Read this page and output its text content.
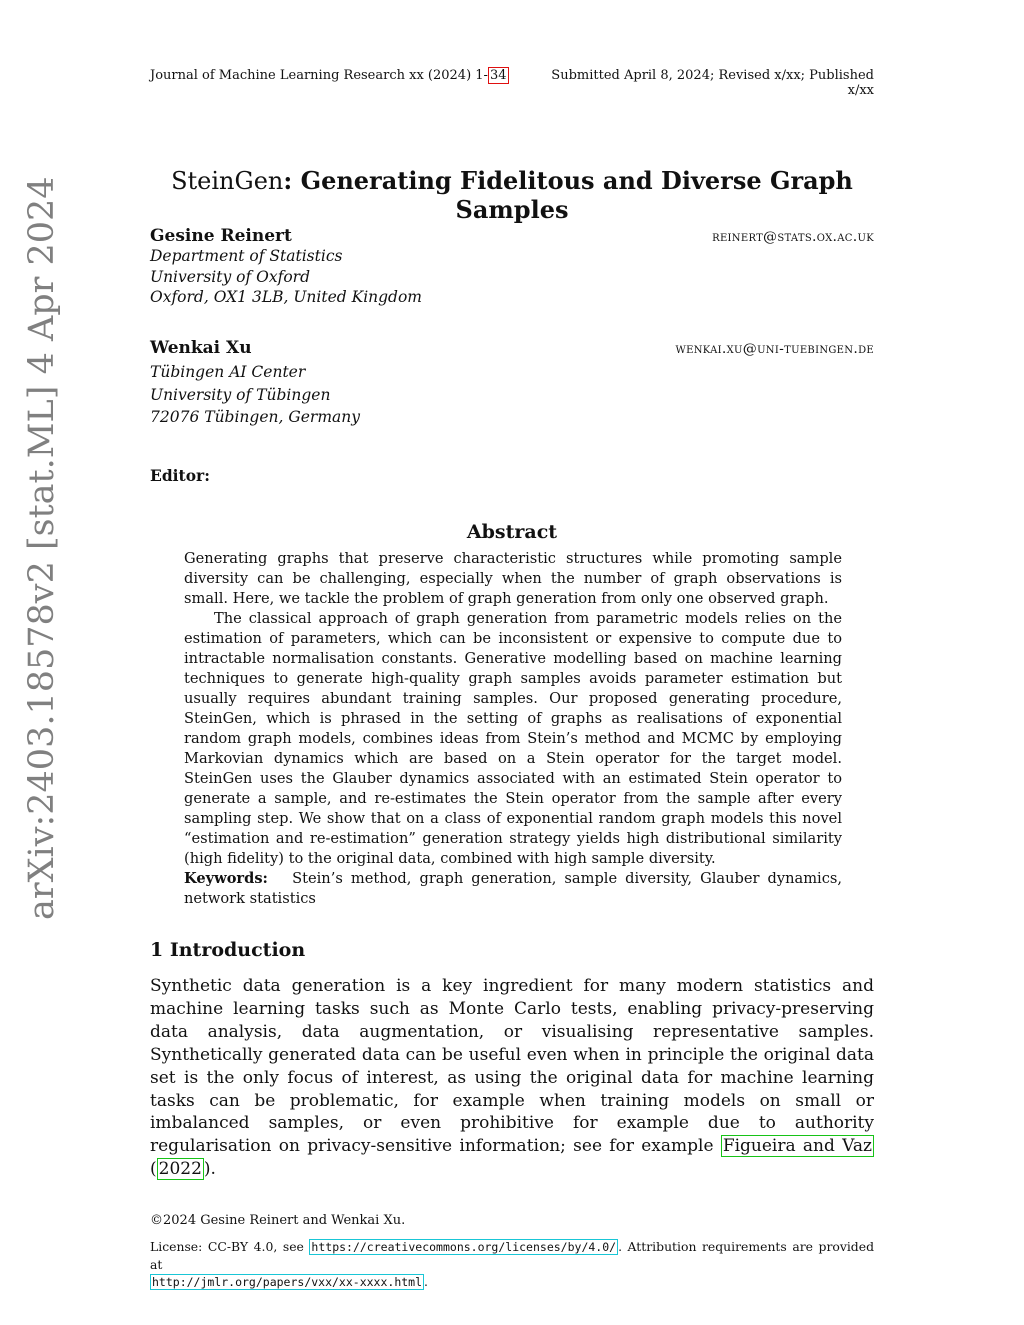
Journal of Machine Learning Research xx (2024) 1- 34	Submitted April 8, 2024; Revised x/xx; Published x/xx
SteinGen: Generating Fidelitous and Diverse Graph Samples
Gesine Reinert	reinert@stats.ox.ac.uk
Department of Statistics
University of Oxford
Oxford, OX1 3LB, United Kingdom
Wenkai Xu	wenkai.xu@uni-tuebingen.de
Tübingen AI Center
University of Tübingen
72076 Tübingen, Germany
Editor:
Abstract

Generating graphs that preserve characteristic structures while promoting sample diversity can be challenging, especially when the number of graph observations is small. Here, we tackle the problem of graph generation from only one observed graph.

The classical approach of graph generation from parametric models relies on the estimation of parameters, which can be inconsistent or expensive to compute due to intractable normalisation constants. Generative modelling based on machine learning techniques to generate high-quality graph samples avoids parameter estimation but usually requires abundant training samples. Our proposed generating procedure, SteinGen, which is phrased in the setting of graphs as realisations of exponential random graph models, combines ideas from Stein’s method and MCMC by employing Markovian dynamics which are based on a Stein operator for the target model. SteinGen uses the Glauber dynamics associated with an estimated Stein operator to generate a sample, and re-estimates the Stein operator from the sample after every sampling step. We show that on a class of exponential random graph models this novel “estimation and re-estimation” generation strategy yields high distributional similarity (high fidelity) to the original data, combined with high sample diversity.

Keywords: Stein’s method, graph generation, sample diversity, Glauber dynamics, network statistics

1 Introduction
Synthetic data generation is a key ingredient for many modern statistics and machine learning tasks such as Monte Carlo tests, enabling privacy-preserving data analysis, data augmentation, or visualising representative samples. Synthetically generated data can be useful even when in principle the original data set is the only focus of interest, as using the original data for machine learning tasks can be problematic, for example when training models on small or imbalanced samples, or even prohibitive for example due to authority regularisation on privacy-sensitive information; see for example Figueira and Vaz ( 2022 ).
©2024 Gesine Reinert and Wenkai Xu.
License: CC-BY 4.0, see https://creativecommons.org/licenses/by/4.0/ . Attribution requirements are provided at
http://jmlr.org/papers/vxx/xx-xxxx.html .
arXiv:2403.18578v2 [stat.ML] 4 Apr 2024
